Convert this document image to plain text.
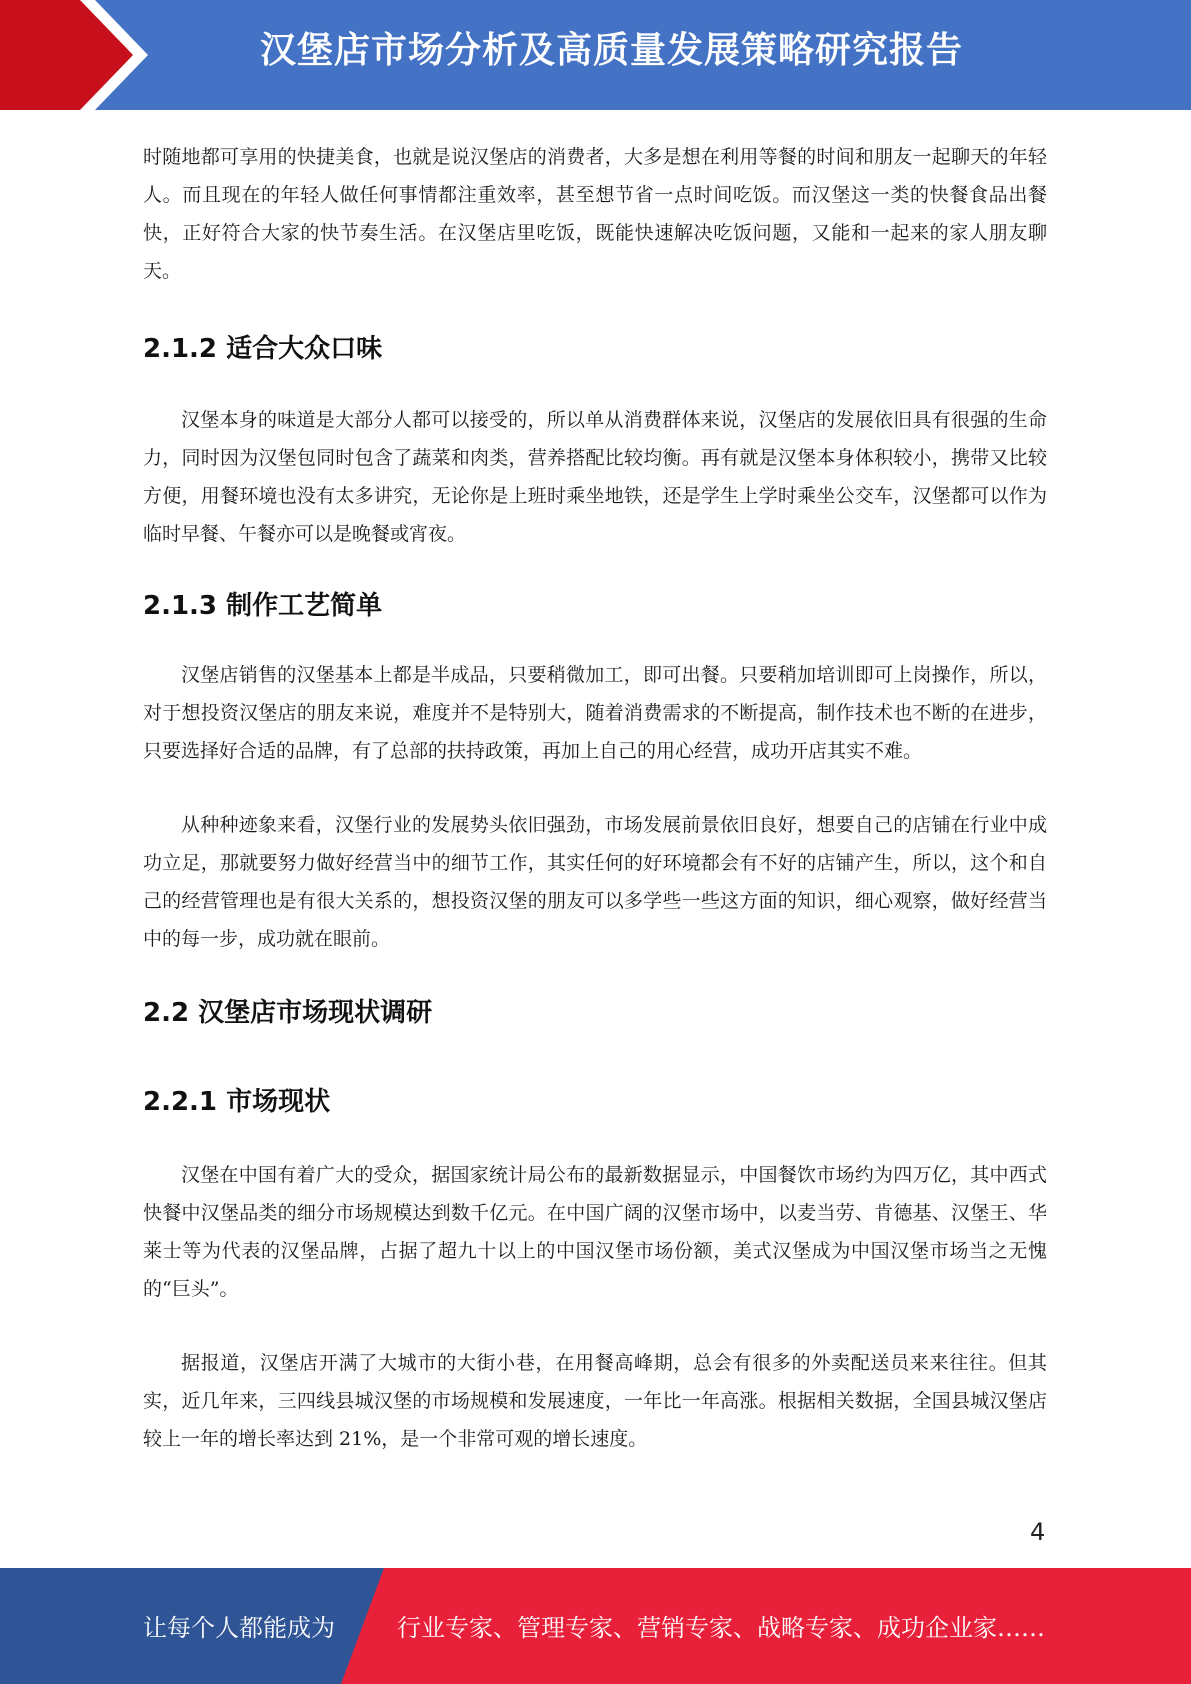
汉堡店市场分析及高质量发展策略研究报告

时随地都可享用的快捷美食，也就是说汉堡店的消费者，大多是想在利用等餐的时间和朋友一起聊天的年轻人。而且现在的年轻人做任何事情都注重效率，甚至想节省一点时间吃饭。而汉堡这一类的快餐食品出餐快，正好符合大家的快节奏生活。在汉堡店里吃饭，既能快速解决吃饭问题，又能和一起来的家人朋友聊天。

2.1.2 适合大众口味

汉堡本身的味道是大部分人都可以接受的，所以单从消费群体来说，汉堡店的发展依旧具有很强的生命力，同时因为汉堡包同时包含了蔬菜和肉类，营养搭配比较均衡。再有就是汉堡本身体积较小，携带又比较方便，用餐环境也没有太多讲究，无论你是上班时乘坐地铁，还是学生上学时乘坐公交车，汉堡都可以作为临时早餐、午餐亦可以是晚餐或宵夜。

2.1.3 制作工艺简单

汉堡店销售的汉堡基本上都是半成品，只要稍微加工，即可出餐。只要稍加培训即可上岗操作，所以，对于想投资汉堡店的朋友来说，难度并不是特别大，随着消费需求的不断提高，制作技术也不断的在进步，只要选择好合适的品牌，有了总部的扶持政策，再加上自己的用心经营，成功开店其实不难。

从种种迹象来看，汉堡行业的发展势头依旧强劲，市场发展前景依旧良好，想要自己的店铺在行业中成功立足，那就要努力做好经营当中的细节工作，其实任何的好环境都会有不好的店铺产生，所以，这个和自己的经营管理也是有很大关系的，想投资汉堡的朋友可以多学些一些这方面的知识，细心观察，做好经营当中的每一步，成功就在眼前。

2.2 汉堡店市场现状调研
2.2.1 市场现状

汉堡在中国有着广大的受众，据国家统计局公布的最新数据显示，中国餐饮市场约为四万亿，其中西式快餐中汉堡品类的细分市场规模达到数千亿元。在中国广阔的汉堡市场中，以麦当劳、肯德基、汉堡王、华莱士等为代表的汉堡品牌，占据了超九十以上的中国汉堡市场份额，美式汉堡成为中国汉堡市场当之无愧的“巨头”。

据报道，汉堡店开满了大城市的大街小巷，在用餐高峰期，总会有很多的外卖配送员来来往往。但其实，近几年来，三四线县城汉堡的市场规模和发展速度，一年比一年高涨。根据相关数据，全国县城汉堡店较上一年的增长率达到 21%，是一个非常可观的增长速度。

4
让每个人都能成为	行业专家、管理专家、营销专家、战略专家、成功企业家……
